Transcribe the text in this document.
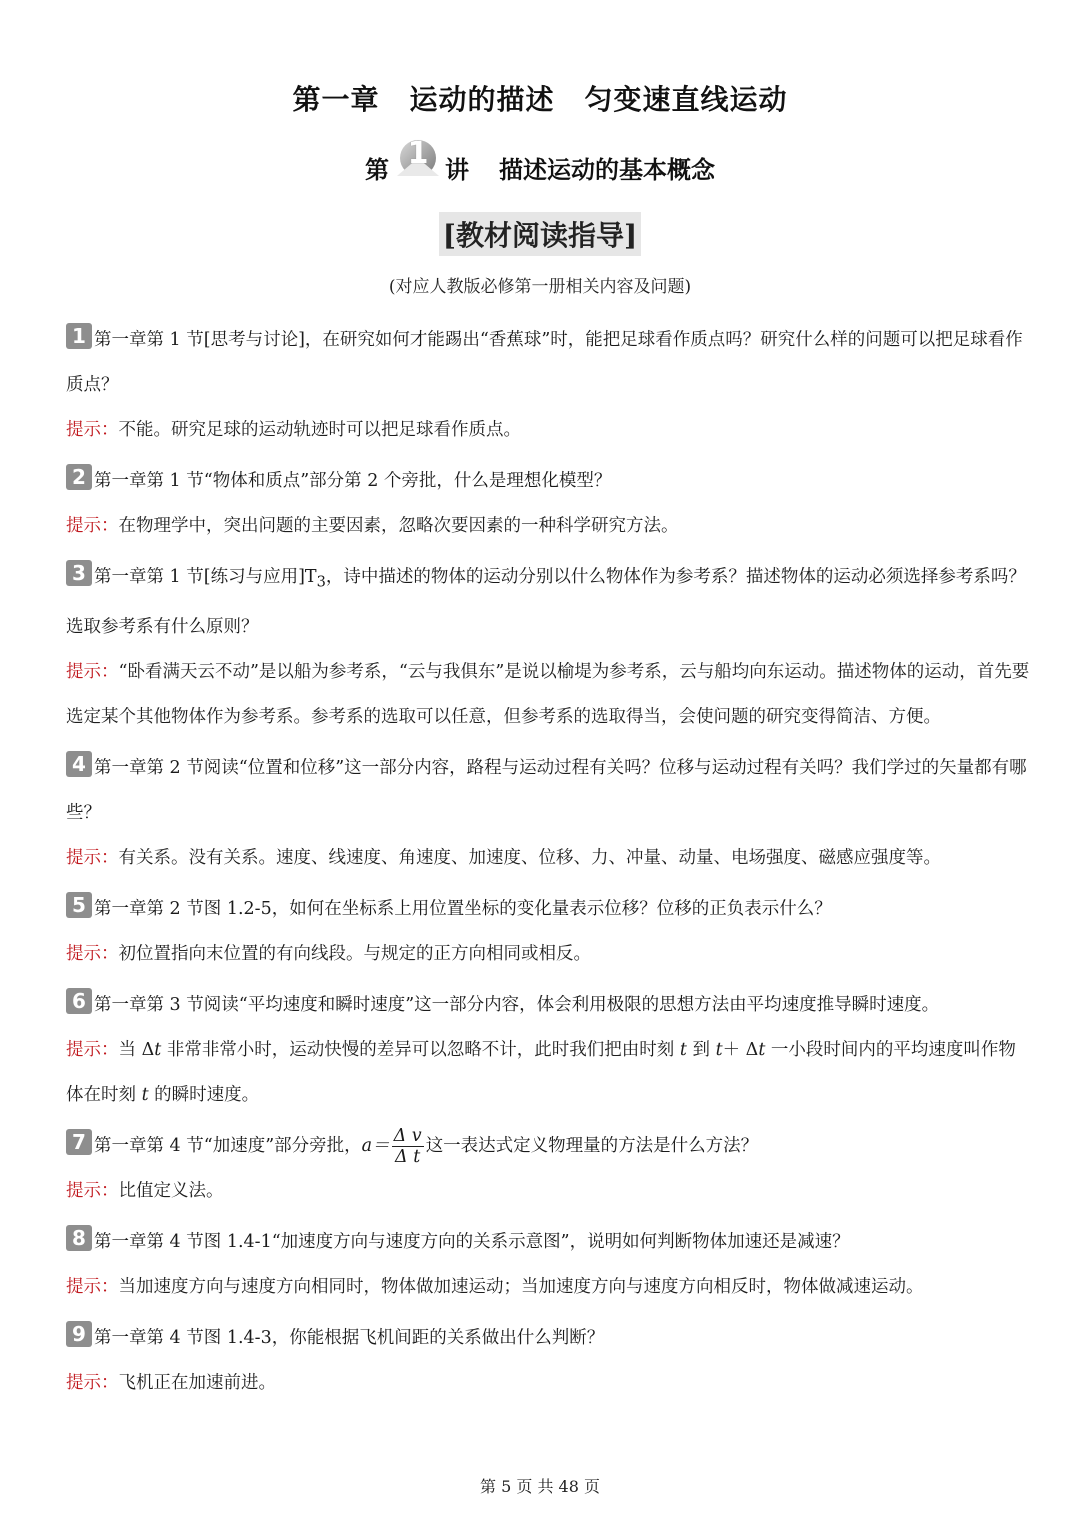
第一章 运动的描述 匀变速直线运动
第 1 讲 描述运动的基本概念
[教材阅读指导]
(对应人教版必修第一册相关内容及问题)
1 第一章第 1 节[思考与讨论]，在研究如何才能踢出“香蕉球”时，能把足球看作质点吗？研究什么样的问题可以把足球看作质点？
提示：不能。研究足球的运动轨迹时可以把足球看作质点。
2 第一章第 1 节“物体和质点”部分第 2 个旁批，什么是理想化模型？
提示：在物理学中，突出问题的主要因素，忽略次要因素的一种科学研究方法。
3 第一章第 1 节[练习与应用]$T_3$，诗中描述的物体的运动分别以什么物体作为参考系？描述物体的运动必须选择参考系吗？选取参考系有什么原则？
提示：“卧看满天云不动”是以船为参考系，“云与我俱东”是说以榆堤为参考系，云与船均向东运动。描述物体的运动，首先要选定某个其他物体作为参考系。参考系的选取可以任意，但参考系的选取得当，会使问题的研究变得简洁、方便。
4 第一章第 2 节阅读“位置和位移”这一部分内容，路程与运动过程有关吗？位移与运动过程有关吗？我们学过的矢量都有哪些？
提示：有关系。没有关系。速度、线速度、角速度、加速度、位移、力、冲量、动量、电场强度、磁感应强度等。
5 第一章第 2 节图 1.2-5，如何在坐标系上用位置坐标的变化量表示位移？位移的正负表示什么？
提示：初位置指向末位置的有向线段。与规定的正方向相同或相反。
6 第一章第 3 节阅读“平均速度和瞬时速度”这一部分内容，体会利用极限的思想方法由平均速度推导瞬时速度。
提示：当 Δt 非常非常小时，运动快慢的差异可以忽略不计，此时我们把由时刻 t 到 t＋ Δt 一小段时间内的平均速度叫作物体在时刻 t 的瞬时速度。
7 第一章第 4 节“加速度”部分旁批，$a= \frac{\text{Δ v}}{\text{Δ t}}$ 这一表达式定义物理量的方法是什么方法？
提示：比值定义法。
8 第一章第 4 节图 1.4-1“加速度方向与速度方向的关系示意图”，说明如何判断物体加速还是减速？
提示：当加速度方向与速度方向相同时，物体做加速运动；当加速度方向与速度方向相反时，物体做减速运动。
9 第一章第 4 节图 1.4-3，你能根据飞机间距的关系做出什么判断？
提示：飞机正在加速前进。
第 5 页 共 48 页
